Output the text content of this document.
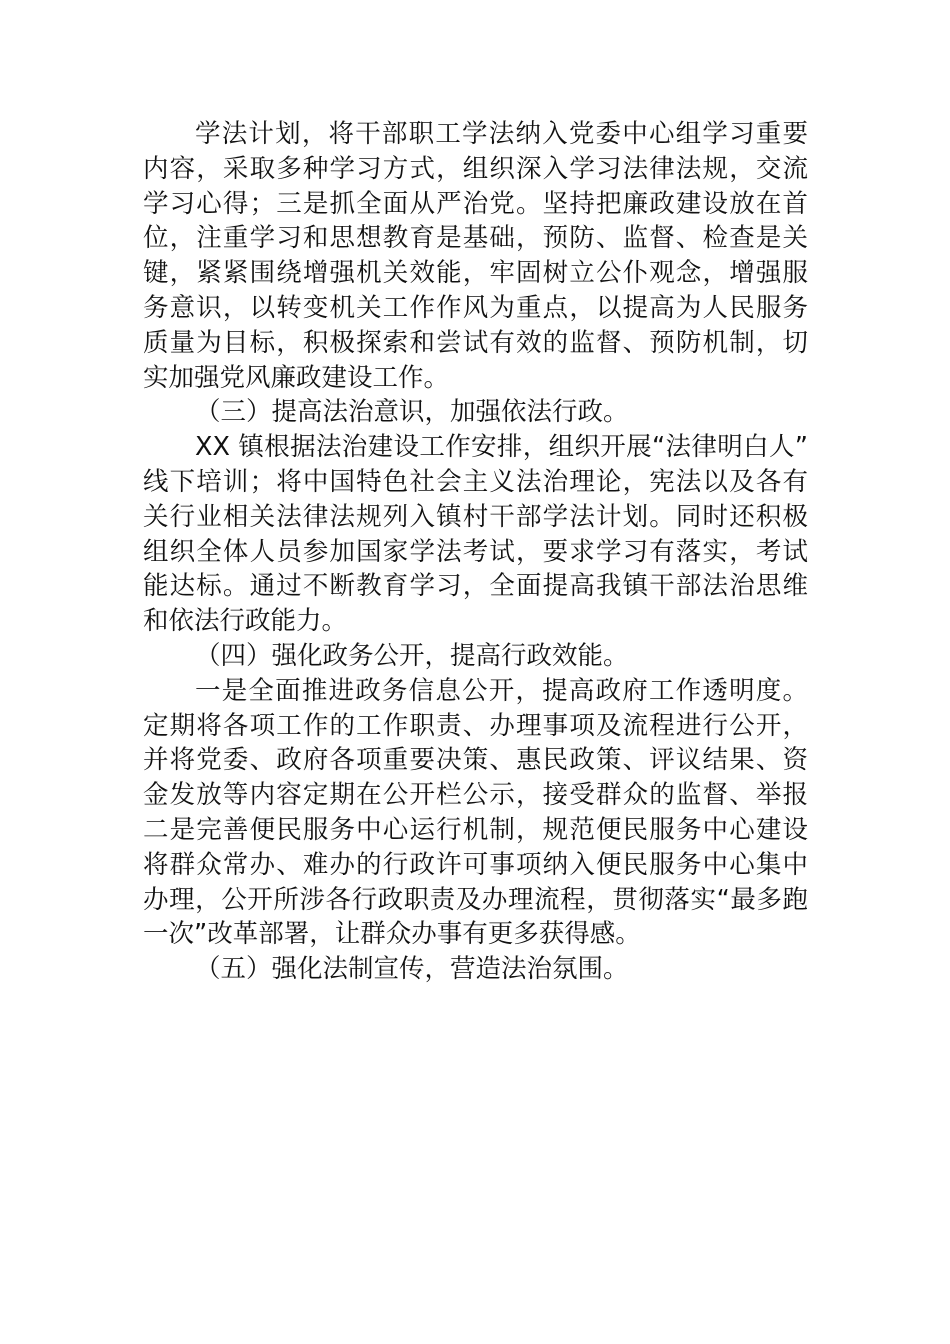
学法计划，将干部职工学法纳入党委中心组学习重要
内容，采取多种学习方式，组织深入学习法律法规，交流
学习心得；三是抓全面从严治党。坚持把廉政建设放在首
位，注重学习和思想教育是基础，预防、监督、检查是关
键，紧紧围绕增强机关效能，牢固树立公仆观念，增强服
务意识，以转变机关工作作风为重点，以提高为人民服务
质量为目标，积极探索和尝试有效的监督、预防机制，切
实加强党风廉政建设工作。
（三）提高法治意识，加强依法行政。
XX 镇根据法治建设工作安排，组织开展“法律明白人”
线下培训；将中国特色社会主义法治理论，宪法以及各有
关行业相关法律法规列入镇村干部学法计划。同时还积极
组织全体人员参加国家学法考试，要求学习有落实，考试
能达标。通过不断教育学习，全面提高我镇干部法治思维
和依法行政能力。
（四）强化政务公开，提高行政效能。
一是全面推进政务信息公开，提高政府工作透明度。
定期将各项工作的工作职责、办理事项及流程进行公开，
并将党委、政府各项重要决策、惠民政策、评议结果、资
金发放等内容定期在公开栏公示，接受群众的监督、举报
二是完善便民服务中心运行机制，规范便民服务中心建设
将群众常办、难办的行政许可事项纳入便民服务中心集中
办理，公开所涉各行政职责及办理流程，贯彻落实“最多跑
一次”改革部署，让群众办事有更多获得感。
（五）强化法制宣传，营造法治氛围。
